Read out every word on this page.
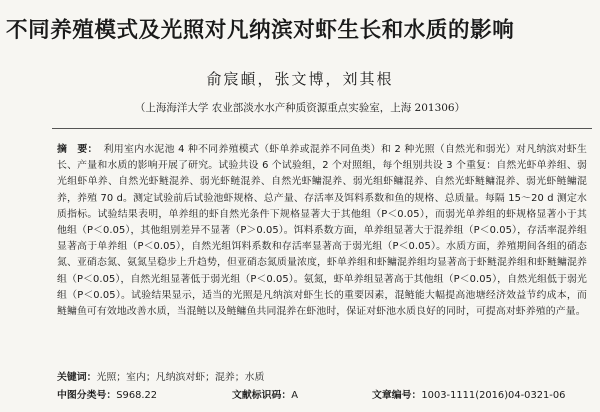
不同养殖模式及光照对凡纳滨对虾生长和水质的影响
俞宸頔，张文博，刘其根
（上海海洋大学 农业部淡水水产种质资源重点实验室，上海 201306）
摘　要： 利用室内水泥池 4 种不同养殖模式（虾单养或混养不同鱼类）和 2 种光照（自然光和弱光）对凡纳滨对虾生长、产量和水质的影响开展了研究。试验共设 6 个试验组，2 个对照组，每个组别共设 3 个重复：自然光虾单养组、弱光组虾单养、自然光虾鲢混养、弱光虾鲢混养、自然光虾鳙混养、弱光组虾鳙混养、自然光虾鲢鳙混养、弱光虾鲢鳙混养，养殖 70 d。测定试验前后试验池虾规格、总产量、存活率及饵料系数和鱼的规格、总质量。每隔 15～20 d 测定水质指标。试验结果表明，单养组的虾自然光条件下规格显著大于其他组（P＜0.05），而弱光单养组的虾规格显著小于其他组（P＜0.05），其他组别差异不显著（P＞0.05）。饵料系数方面，单养组显著大于混养组（P＜0.05），存活率混养组显著高于单养组（P＜0.05），自然光组饵料系数和存活率显著高于弱光组（P＜0.05）。水质方面，养殖期间各组的硝态氮、亚硝态氮、氨氮呈稳步上升趋势，但亚硝态氮质量浓度，虾单养组和虾鳙混养组均显著高于虾鲢混养组和虾鲢鳙混养组（P＜0.05），自然光组显著低于弱光组（P＜0.05）。氨氮，虾单养组显著高于其他组（P＜0.05），自然光组低于弱光组（P＜0.05）。试验结果显示，适当的光照是凡纳滨对虾生长的重要因素，混鲢能大幅提高池塘经济效益节约成本，而鲢鳙鱼可有效地改善水质，当混鲢以及鲢鳙鱼共同混养在虾池时，保证对虾池水质良好的同时，可提高对虾养殖的产量。
关键词：光照；室内；凡纳滨对虾；混养；水质
中图分类号：S968.22	文献标识码：A	文章编号：1003-1111(2016)04-0321-06
